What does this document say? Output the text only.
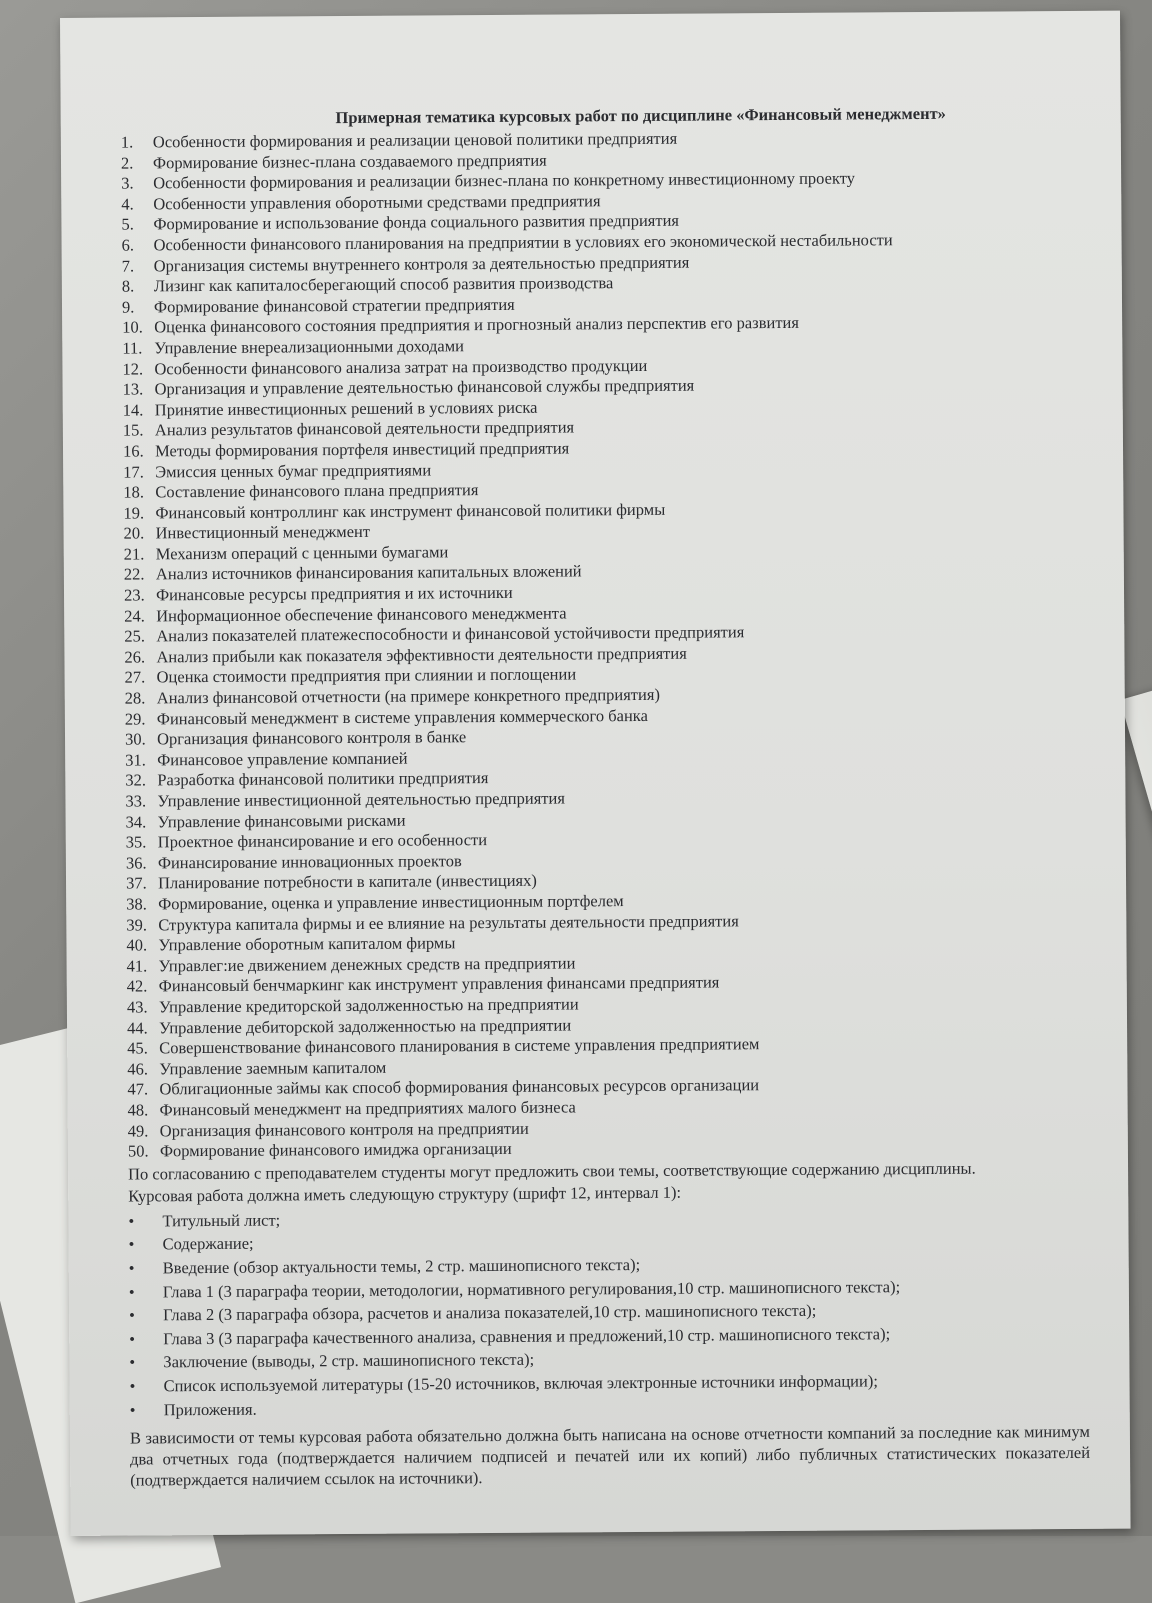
Примерная тематика курсовых работ по дисциплине «Финансовый менеджмент»
1.	Особенности формирования и реализации ценовой политики предприятия
2.	Формирование бизнес-плана создаваемого предприятия
3.	Особенности формирования и реализации бизнес-плана по конкретному инвестиционному проекту
4.	Особенности управления оборотными средствами предприятия
5.	Формирование и использование фонда социального развития предприятия
6.	Особенности финансового планирования на предприятии в условиях его экономической нестабильности
7.	Организация системы внутреннего контроля за деятельностью предприятия
8.	Лизинг как капиталосберегающий способ развития производства
9.	Формирование финансовой стратегии предприятия
10. Оценка финансового состояния предприятия и прогнозный анализ перспектив его развития
11. Управление внереализационными доходами
12. Особенности финансового анализа затрат на производство продукции
13. Организация и управление деятельностью финансовой службы предприятия
14. Принятие инвестиционных решений в условиях риска
15. Анализ результатов финансовой деятельности предприятия
16. Методы формирования портфеля инвестиций предприятия
17. Эмиссия ценных бумаг предприятиями
18. Составление финансового плана предприятия
19. Финансовый контроллинг как инструмент финансовой политики фирмы
20. Инвестиционный менеджмент
21. Механизм операций с ценными бумагами
22. Анализ источников финансирования капитальных вложений
23. Финансовые ресурсы предприятия и их источники
24. Информационное обеспечение финансового менеджмента
25. Анализ показателей платежеспособности и финансовой устойчивости предприятия
26. Анализ прибыли как показателя эффективности деятельности предприятия
27. Оценка стоимости предприятия при слиянии и поглощении
28. Анализ финансовой отчетности (на примере конкретного предприятия)
29. Финансовый менеджмент в системе управления коммерческого банка
30. Организация финансового контроля в банке
31. Финансовое управление компанией
32. Разработка финансовой политики предприятия
33. Управление инвестиционной деятельностью предприятия
34. Управление финансовыми рисками
35. Проектное финансирование и его особенности
36. Финансирование инновационных проектов
37. Планирование потребности в капитале (инвестициях)
38. Формирование, оценка и управление инвестиционным портфелем
39. Структура капитала фирмы и ее влияние на результаты деятельности предприятия
40. Управление оборотным капиталом фирмы
41. Управлег:ие движением денежных средств на предприятии
42. Финансовый бенчмаркинг как инструмент управления финансами предприятия
43. Управление кредиторской задолженностью на предприятии
44. Управление дебиторской задолженностью на предприятии
45. Совершенствование финансового планирования в системе управления предприятием
46. Управление заемным капиталом
47. Облигационные займы как способ формирования финансовых ресурсов организации
48. Финансовый менеджмент на предприятиях малого бизнеса
49. Организация финансового контроля на предприятии
50. Формирование финансового имиджа организации
По согласованию с преподавателем студенты могут предложить свои темы, соответствующие содержанию дисциплины.
Курсовая работа должна иметь следующую структуру (шрифт 12, интервал 1):
•	Титульный лист;
•	Содержание;
•	Введение (обзор актуальности темы, 2 стр. машинописного текста);
•	Глава 1 (3 параграфа теории, методологии, нормативного регулирования,10 стр. машинописного текста);
•	Глава 2 (3 параграфа обзора, расчетов и анализа показателей,10 стр. машинописного текста);
•	Глава 3 (3 параграфа качественного анализа, сравнения и предложений,10 стр. машинописного текста);
•	Заключение (выводы, 2 стр. машинописного текста);
•	Список используемой литературы (15-20 источников, включая электронные источники информации);
•	Приложения.
В зависимости от темы курсовая работа обязательно должна быть написана на основе отчетности компаний за последние как минимум два отчетных года (подтверждается наличием подписей и печатей или их копий) либо публичных статистических показателей (подтверждается наличием ссылок на источники).
